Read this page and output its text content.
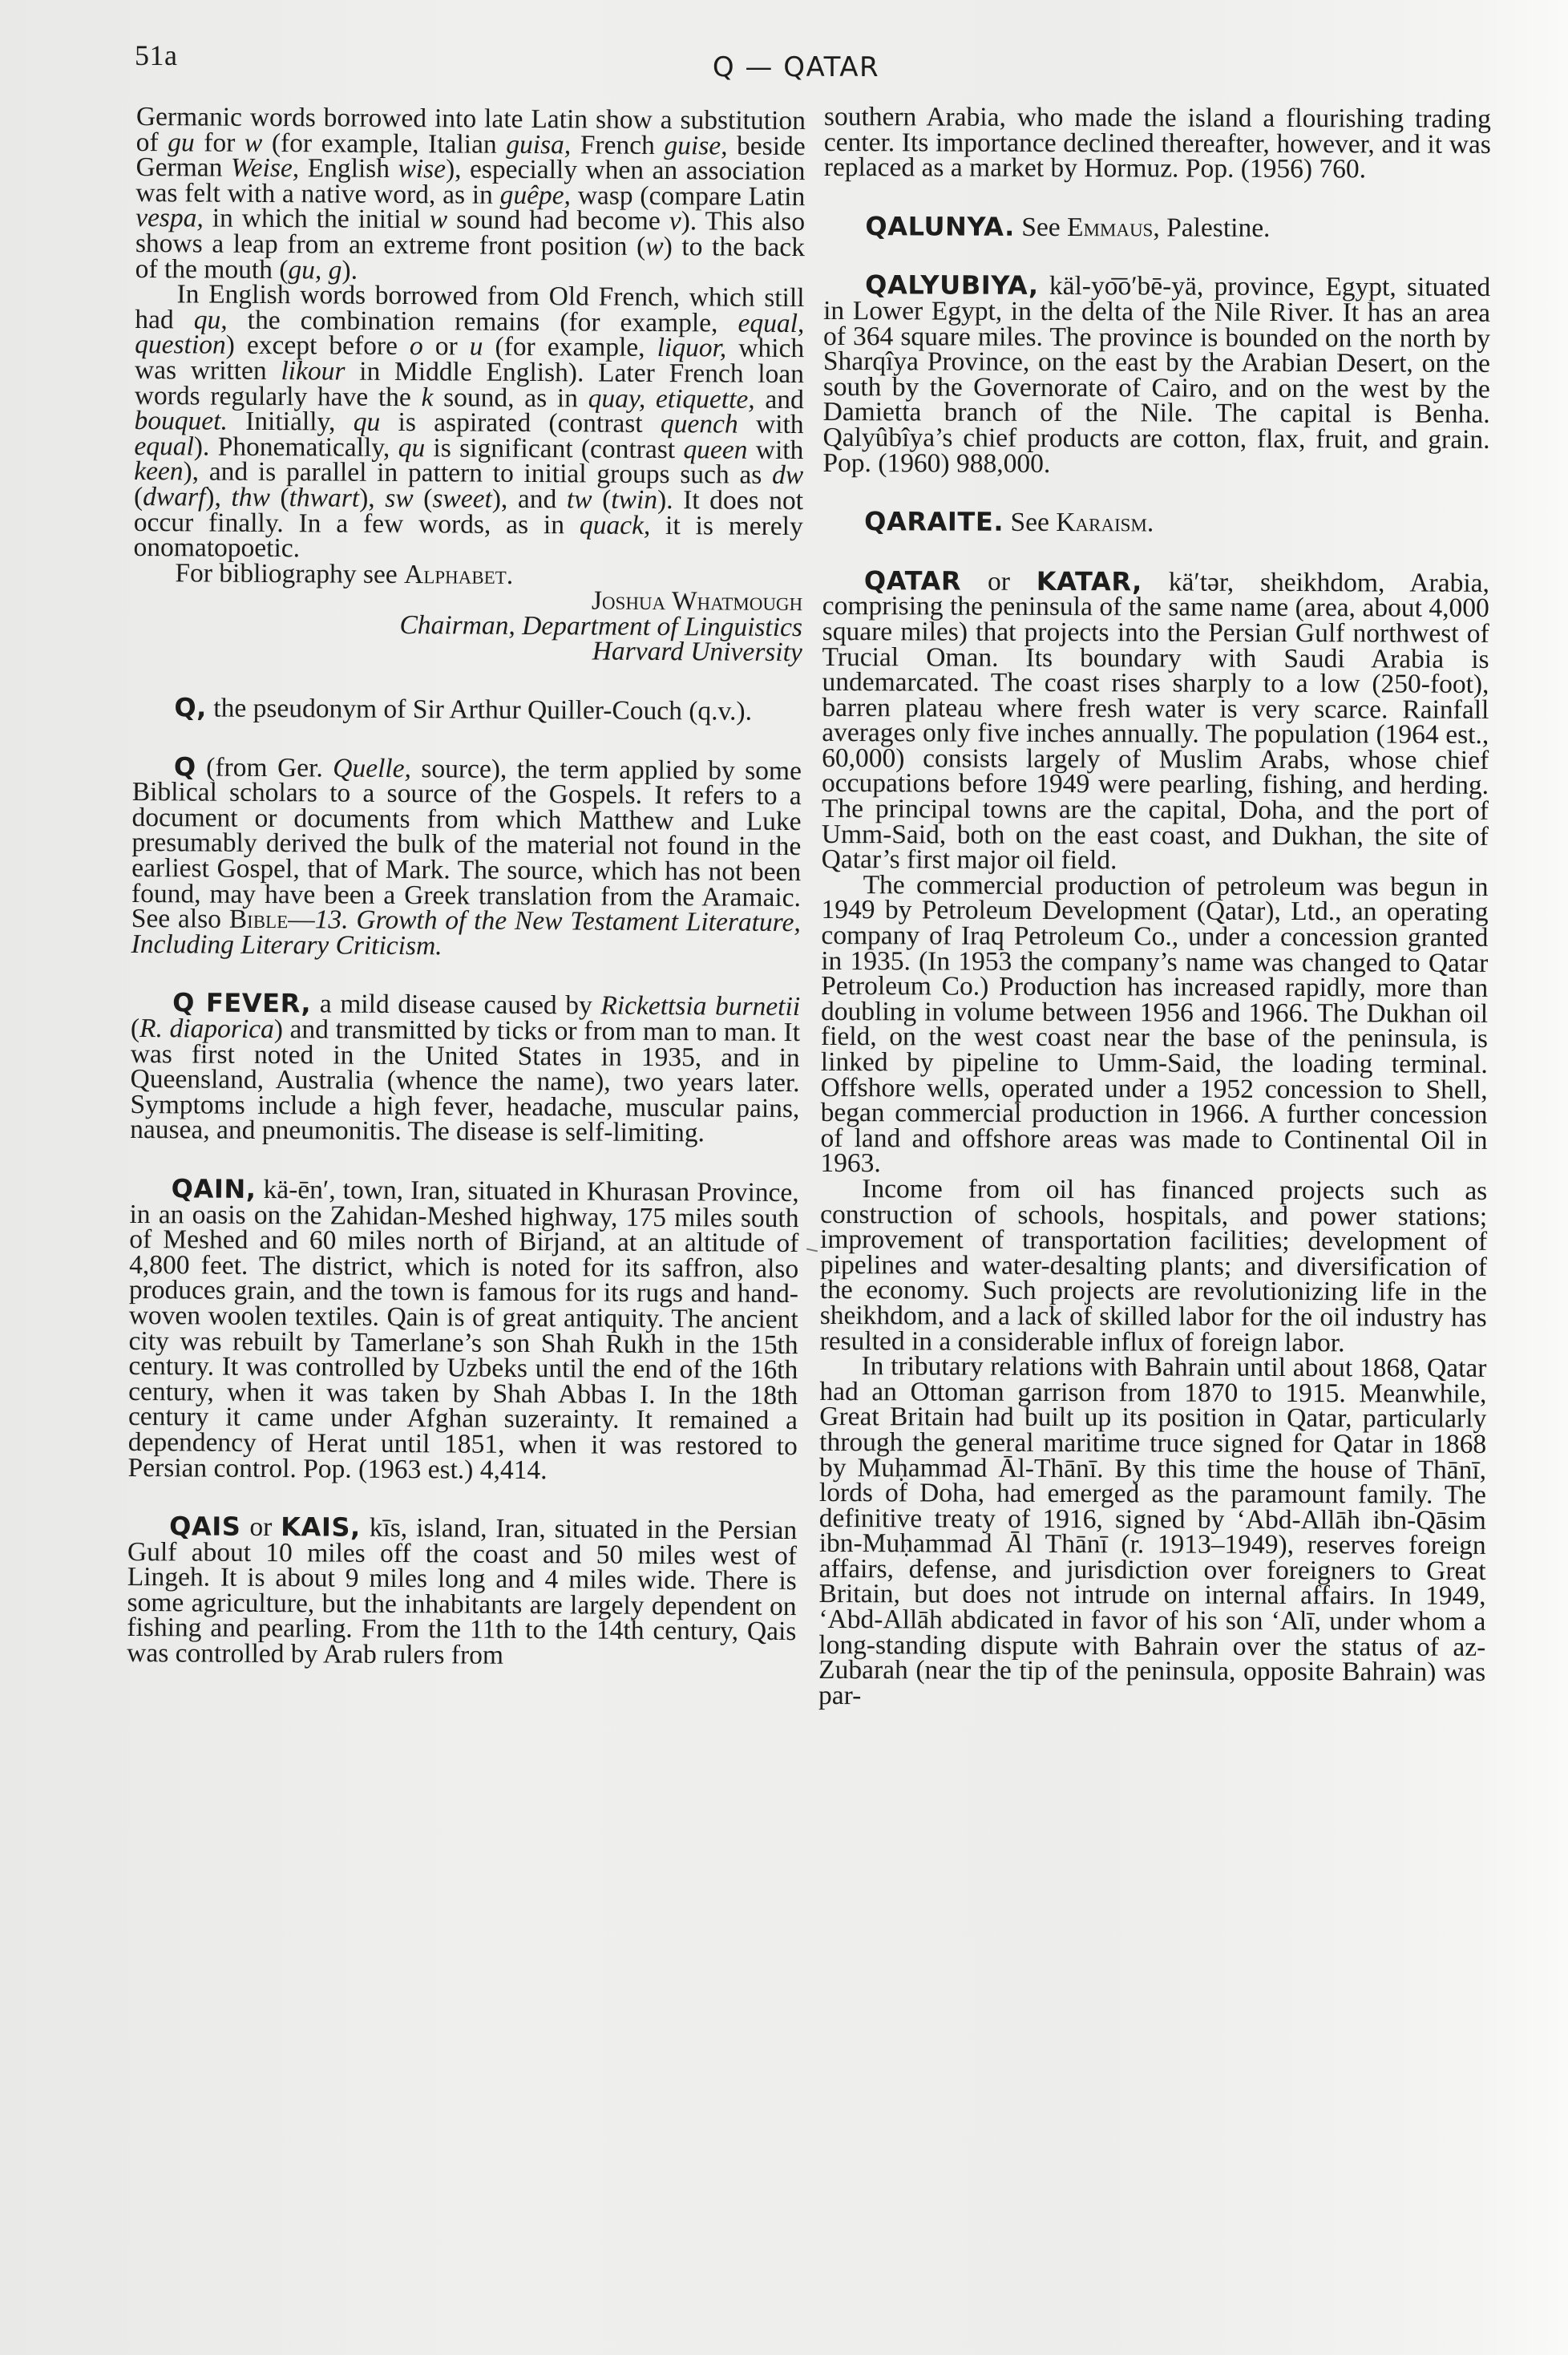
51a	Q — QATAR

Germanic words borrowed into late Latin show a substitution of gu for w (for example, Italian guisa, French guise, beside German Weise, English wise), especially when an association was felt with a native word, as in guêpe, wasp (compare Latin vespa, in which the initial w sound had become v). This also shows a leap from an extreme front position (w) to the back of the mouth (gu, g).

In English words borrowed from Old French, which still had qu, the combination remains (for example, equal, question) except before o or u (for example, liquor, which was written likour in Middle English). Later French loan words regularly have the k sound, as in quay, etiquette, and bouquet. Initially, qu is aspirated (contrast quench with equal). Phonematically, qu is significant (contrast queen with keen), and is parallel in pattern to initial groups such as dw (dwarf), thw (thwart), sw (sweet), and tw (twin). It does not occur finally. In a few words, as in quack, it is merely onomatopoetic.

For bibliography see Alphabet.

Joshua Whatmough
Chairman, Department of Linguistics
Harvard University

Q, the pseudonym of Sir Arthur Quiller-Couch (q.v.).

Q (from Ger. Quelle, source), the term applied by some Biblical scholars to a source of the Gospels. It refers to a document or documents from which Matthew and Luke presumably derived the bulk of the material not found in the earliest Gospel, that of Mark. The source, which has not been found, may have been a Greek translation from the Aramaic. See also Bible—13. Growth of the New Testament Literature, Including Literary Criticism.

Q FEVER, a mild disease caused by Rickettsia burnetii (R. diaporica) and transmitted by ticks or from man to man. It was first noted in the United States in 1935, and in Queensland, Australia (whence the name), two years later. Symptoms include a high fever, headache, muscular pains, nausea, and pneumonitis. The disease is self-limiting.

QAIN, kä-ēn′, town, Iran, situated in Khurasan Province, in an oasis on the Zahidan-Meshed highway, 175 miles south of Meshed and 60 miles north of Birjand, at an altitude of 4,800 feet. The district, which is noted for its saffron, also produces grain, and the town is famous for its rugs and hand-woven woolen textiles. Qain is of great antiquity. The ancient city was rebuilt by Tamerlane’s son Shah Rukh in the 15th century. It was controlled by Uzbeks until the end of the 16th century, when it was taken by Shah Abbas I. In the 18th century it came under Afghan suzerainty. It remained a dependency of Herat until 1851, when it was restored to Persian control. Pop. (1963 est.) 4,414.

QAIS or KAIS, kīs, island, Iran, situated in the Persian Gulf about 10 miles off the coast and 50 miles west of Lingeh. It is about 9 miles long and 4 miles wide. There is some agriculture, but the inhabitants are largely dependent on fishing and pearling. From the 11th to the 14th century, Qais was controlled by Arab rulers from

southern Arabia, who made the island a flourishing trading center. Its importance declined thereafter, however, and it was replaced as a market by Hormuz. Pop. (1956) 760.

QALUNYA. See Emmaus, Palestine.

QALYUBIYA, käl-yo͞o′bē-yä, province, Egypt, situated in Lower Egypt, in the delta of the Nile River. It has an area of 364 square miles. The province is bounded on the north by Sharqîya Province, on the east by the Arabian Desert, on the south by the Governorate of Cairo, and on the west by the Damietta branch of the Nile. The capital is Benha. Qalyûbîya’s chief products are cotton, flax, fruit, and grain. Pop. (1960) 988,000.

QARAITE. See Karaism.

QATAR or KATAR, kä′tər, sheikhdom, Arabia, comprising the peninsula of the same name (area, about 4,000 square miles) that projects into the Persian Gulf northwest of Trucial Oman. Its boundary with Saudi Arabia is undemarcated. The coast rises sharply to a low (250-foot), barren plateau where fresh water is very scarce. Rainfall averages only five inches annually. The population (1964 est., 60,000) consists largely of Muslim Arabs, whose chief occupations before 1949 were pearling, fishing, and herding. The principal towns are the capital, Doha, and the port of Umm-Said, both on the east coast, and Dukhan, the site of Qatar’s first major oil field.

The commercial production of petroleum was begun in 1949 by Petroleum Development (Qatar), Ltd., an operating company of Iraq Petroleum Co., under a concession granted in 1935. (In 1953 the company’s name was changed to Qatar Petroleum Co.) Production has increased rapidly, more than doubling in volume between 1956 and 1966. The Dukhan oil field, on the west coast near the base of the peninsula, is linked by pipeline to Umm-Said, the loading terminal. Offshore wells, operated under a 1952 concession to Shell, began commercial production in 1966. A further concession of land and offshore areas was made to Continental Oil in 1963.

Income from oil has financed projects such as construction of schools, hospitals, and power stations; improvement of transportation facilities; development of pipelines and water-desalting plants; and diversification of the economy. Such projects are revolutionizing life in the sheikhdom, and a lack of skilled labor for the oil industry has resulted in a considerable influx of foreign labor.

In tributary relations with Bahrain until about 1868, Qatar had an Ottoman garrison from 1870 to 1915. Meanwhile, Great Britain had built up its position in Qatar, particularly through the general maritime truce signed for Qatar in 1868 by Muḥammad Āl-Thānī. By this time the house of Thānī, lords of Doha, had emerged as the paramount family. The definitive treaty of 1916, signed by ‘Abd-Allāh ibn-Qāsim ibn-Muḥammad Āl Thānī (r. 1913–1949), reserves foreign affairs, defense, and jurisdiction over foreigners to Great Britain, but does not intrude on internal affairs. In 1949, ‘Abd-Allāh abdicated in favor of his son ‘Alī, under whom a long-standing dispute with Bahrain over the status of az-Zubarah (near the tip of the peninsula, opposite Bahrain) was par-
